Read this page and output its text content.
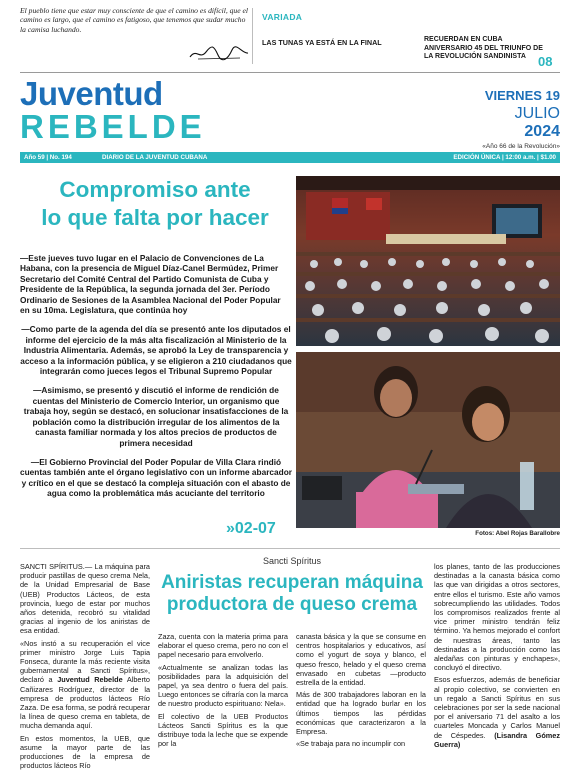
El pueblo tiene que estar muy consciente de que el camino es difícil, que el camino es largo, que el camino es fatigoso, que tenemos que sudar mucho la camisa luchando.
VARIADA
LAS TUNAS YA ESTÁ EN LA FINAL	RECUERDAN EN CUBA ANIVERSARIO 45 DEL TRIUNFO DE LA REVOLUCIÓN SANDINISTA 08
Juventud
REBELDE
VIERNES 19
JULIO
2024
«Año 66 de la Revolución»
Año 59 | No. 194	DIARIO DE LA JUVENTUD CUBANA	EDICIÓN ÚNICA | 12:00 a.m. | $1.00
Compromiso ante
lo que falta por hacer

—Este jueves tuvo lugar en el Palacio de Convenciones de La Habana, con la presencia de Miguel Díaz-Canel Bermúdez, Primer Secretario del Comité Central del Partido Comunista de Cuba y Presidente de la República, la segunda jornada del 3er. Período Ordinario de Sesiones de la Asamblea Nacional del Poder Popular en su 10ma. Legislatura, que continúa hoy

—Como parte de la agenda del día se presentó ante los diputados el informe del ejercicio de la más alta fiscalización al Ministerio de la Industria Alimentaria. Además, se aprobó la Ley de transparencia y acceso a la información pública, y se eligieron a 210 ciudadanos que integrarán como jueces legos el Tribunal Supremo Popular

—Asimismo, se presentó y discutió el informe de rendición de cuentas del Ministerio de Comercio Interior, un organismo que trabaja hoy, según se destacó, en solucionar insatisfacciones de la población como la distribución irregular de los alimentos de la canasta familiar normada y los altos precios de productos de primera necesidad

—El Gobierno Provincial del Poder Popular de Villa Clara rindió cuentas también ante el órgano legislativo con un informe abarcador y crítico en el que se destacó la compleja situación con el abasto de agua como la problemática más acuciante del territorio

»02-07	Fotos: Abel Rojas Barallobre

SANCTI SPÍRITUS.— La máquina para producir pastillas de queso crema Nela, de la Unidad Empresarial de Base (UEB) Productos Lácteos, de esta provincia, luego de estar por muchos años detenida, recobró su vitalidad gracias al ingenio de los aniristas de esa entidad.

«Nos instó a su recuperación el vice primer ministro Jorge Luis Tapia Fonseca, durante la más reciente visita gubernamental a Sancti Spíritus», declaró a Juventud Rebelde Alberto Cañizares Rodríguez, director de la empresa de productos lácteos Río Zaza. De esa forma, se podrá recuperar la línea de queso crema en tableta, de mucha demanda aquí.

En estos momentos, la UEB, que asume la mayor parte de las producciones de la empresa de productos lácteos Río

Sancti Spíritus
Aniristas recuperan máquina
productora de queso crema

Zaza, cuenta con la materia prima para elaborar el queso crema, pero no con el papel necesario para envolverlo.

«Actualmente se analizan todas las posibilidades para la adquisición del papel, ya sea dentro o fuera del país. Luego entonces se cifraría con la marca de nuestro producto espirituano: Nela».

El colectivo de la UEB Productos Lácteos Sancti Spíritus es la que distribuye toda la leche que se expende por la

canasta básica y la que se consume en centros hospitalarios y educativos, así como el yogurt de soya y blanco, el queso fresco, helado y el queso crema envasado en cubetas —producto estrella de la entidad.

Más de 300 trabajadores laboran en la entidad que ha logrado burlar en los últimos tiempos las pérdidas económicas que caracterizaron a la Empresa.

«Se trabaja para no incumplir con

los planes, tanto de las producciones destinadas a la canasta básica como las que van dirigidas a otros sectores, entre ellos el turismo. Este año vamos sobrecumpliendo las utilidades. Todos los compromisos realizados frente al vice primer ministro tendrán feliz término. Ya hemos mejorado el confort de nuestras áreas, tanto las destinadas a la producción como las aledañas con pinturas y enchapes», concluyó el directivo.

Esos esfuerzos, además de beneficiar al propio colectivo, se convierten en un regalo a Sancti Spíritus en sus celebraciones por ser la sede nacional por el aniversario 71 del asalto a los cuarteles Moncada y Carlos Manuel de Céspedes. (Lisandra Gómez Guerra)
